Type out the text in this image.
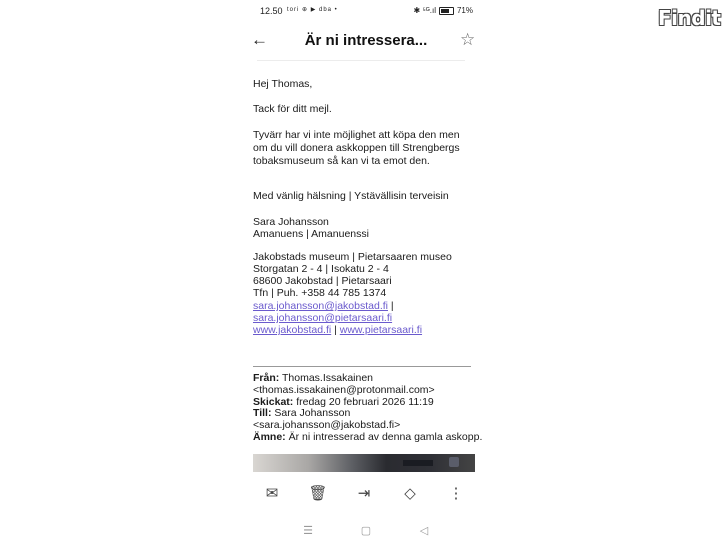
12.50 tori ⊕ ▶ dba •	✱ ⁵ᴳ.ıl	71%
←	Är ni intressera...	☆
Hej Thomas,
Tack för ditt mejl.
Tyvärr har vi inte möjlighet att köpa den men
om du vill donera askkoppen till Strengbergs
tobaksmuseum så kan vi ta emot den.
Med vänlig hälsning | Ystävällisin terveisin
Sara Johansson
Amanuens | Amanuenssi
Jakobstads museum | Pietarsaaren museo
Storgatan 2 - 4 | Isokatu 2 - 4
68600 Jakobstad | Pietarsaari
Tfn | Puh. +358 44 785 1374
sara.johansson@jakobstad.fi |
sara.johansson@pietarsaari.fi
www.jakobstad.fi | www.pietarsaari.fi
Från: Thomas.Issakainen
<thomas.issakainen@protonmail.com>
Skickat: fredag 20 februari 2026 11:19
Till: Sara Johansson
<sara.johansson@jakobstad.fi>
Ämne: Är ni intresserad av denna gamla askopp.
✉	🗑	⇥	◇	⋮
☰	▢	◁
Findit
